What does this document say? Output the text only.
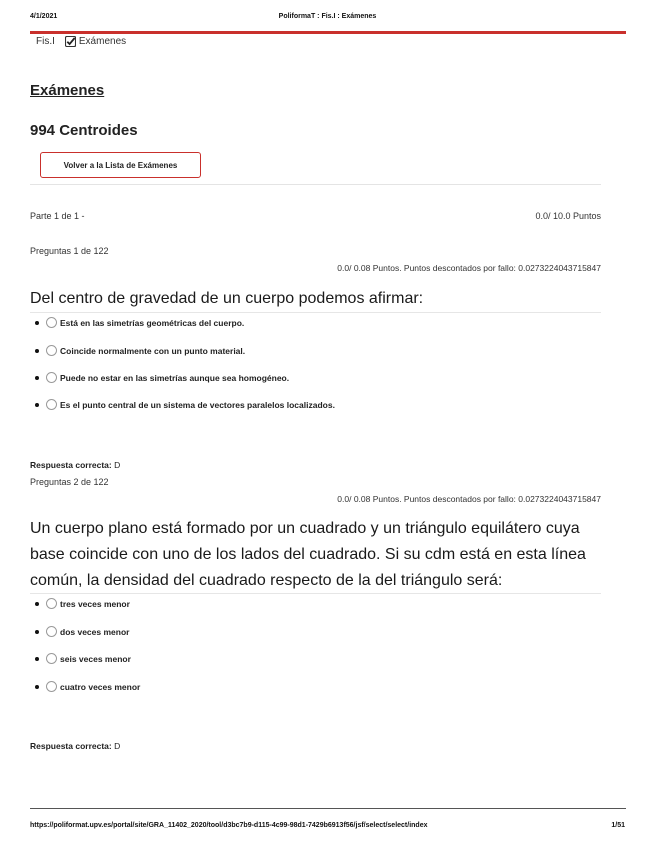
4/1/2021	PoliformaT : Fis.I : Exámenes
Fis.I Exámenes
Exámenes
994 Centroides
Volver a la Lista de Exámenes
Parte 1 de 1 -	0.0/ 10.0 Puntos
Preguntas 1 de 122
0.0/ 0.08 Puntos. Puntos descontados por fallo: 0.0273224043715847
Del centro de gravedad de un cuerpo podemos afirmar:
Está en las simetrías geométricas del cuerpo.
Coincide normalmente con un punto material.
Puede no estar en las simetrías aunque sea homogéneo.
Es el punto central de un sistema de vectores paralelos localizados.
Respuesta correcta: D
Preguntas 2 de 122
0.0/ 0.08 Puntos. Puntos descontados por fallo: 0.0273224043715847
Un cuerpo plano está formado por un cuadrado y un triángulo equilátero cuya base coincide con uno de los lados del cuadrado. Si su cdm está en esta línea común, la densidad del cuadrado respecto de la del triángulo será:
tres veces menor
dos veces menor
seis veces menor
cuatro veces menor
Respuesta correcta: D
https://poliformat.upv.es/portal/site/GRA_11402_2020/tool/d3bc7b9-d115-4c99-98d1-7429b6913f56/jsf/select/select/index	1/51
